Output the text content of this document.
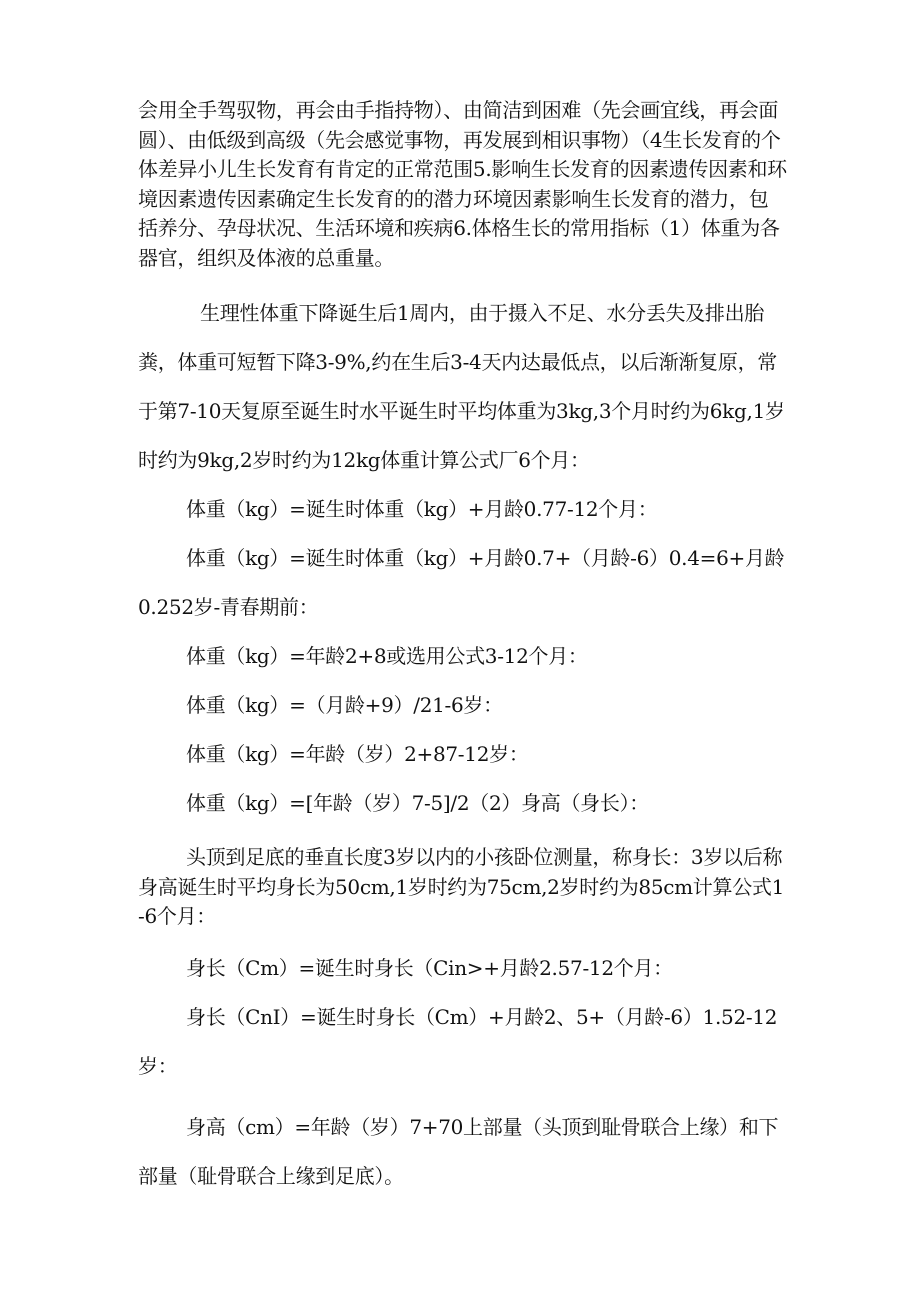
会用全手驾驭物，再会由手指持物）、由简洁到困难（先会画宜线，再会面圆）、由低级到高级（先会感觉事物，再发展到相识事物）（4生长发育的个体差异小儿生长发育有肯定的正常范围5.影响生长发育的因素遗传因素和环境因素遗传因素确定生长发育的的潜力环境因素影响生长发育的潜力，包括养分、孕母状况、生活环境和疾病6.体格生长的常用指标（1）体重为各器官，组织及体液的总重量。

生理性体重下降诞生后1周内，由于摄入不足、水分丢失及排出胎粪，体重可短暂下降3-9%,约在生后3-4天内达最低点，以后渐渐复原，常于第7-10天复原至诞生时水平诞生时平均体重为3kg,3个月时约为6kg,1岁时约为9kg,2岁时约为12kg体重计算公式厂6个月：

体重（kg）=诞生时体重（kg）+月龄0.77-12个月：

体重（kg）=诞生时体重（kg）+月龄0.7+（月龄-6）0.4=6+月龄0.252岁-青春期前：

体重（kg）=年龄2+8或选用公式3-12个月：

体重（kg）=（月龄+9）/21-6岁：

体重（kg）=年龄（岁）2+87-12岁：

体重（kg）=[年龄（岁）7-5]/2（2）身高（身长）：

头顶到足底的垂直长度3岁以内的小孩卧位测量，称身长：3岁以后称身高诞生时平均身长为50cm,1岁时约为75cm,2岁时约为85cm计算公式1-6个月：

身长（Cm）=诞生时身长（Cin>+月龄2.57-12个月：

身长（CnI）=诞生时身长（Cm）+月龄2、5+（月龄-6）1.52-12岁：

身高（cm）=年龄（岁）7+70上部量（头顶到耻骨联合上缘）和下部量（耻骨联合上缘到足底）。
